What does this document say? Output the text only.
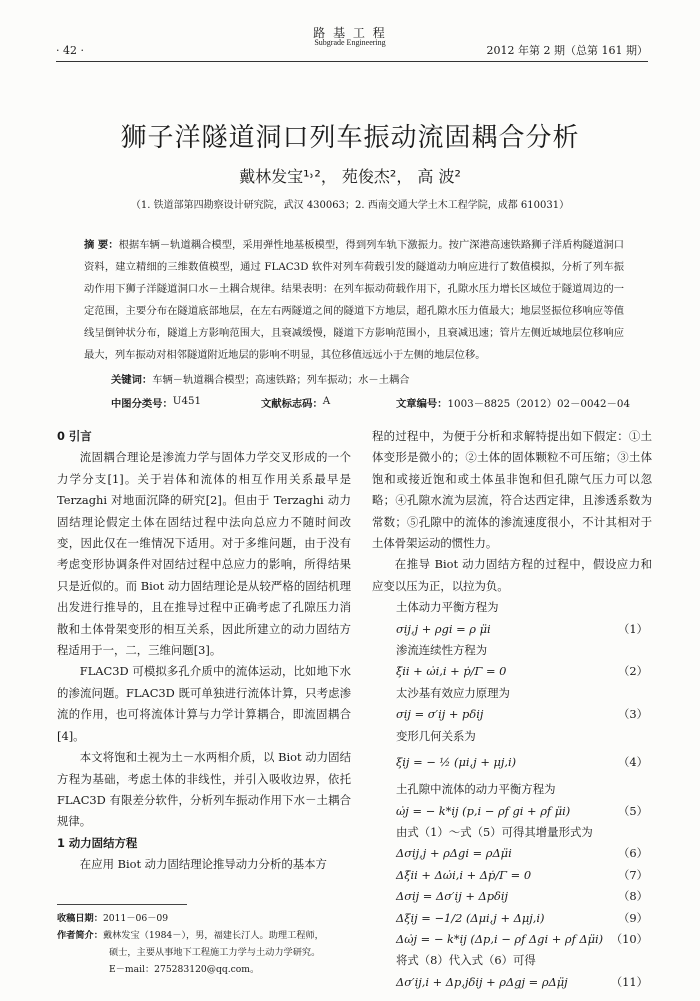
· 42 ·
路 基 工 程
Subgrade Engineering
2012 年第 2 期（总第 161 期）
狮子洋隧道洞口列车振动流固耦合分析
戴林发宝¹˒²， 苑俊杰²， 高 波²
（1. 铁道部第四勘察设计研究院，武汉 430063；2. 西南交通大学土木工程学院，成都 610031）
摘 要：根据车辆－轨道耦合模型，采用弹性地基板模型，得到列车轨下激振力。按广深港高速铁路狮子洋盾构隧道洞口资料，建立精细的三维数值模型，通过 FLAC3D 软件对列车荷载引发的隧道动力响应进行了数值模拟，分析了列车振动作用下狮子洋隧道洞口水－土耦合规律。结果表明：在列车振动荷载作用下，孔隙水压力增长区域位于隧道周边的一定范围，主要分布在隧道底部地层，在左右两隧道之间的隧道下方地层，超孔隙水压力值最大；地层竖振位移响应等值线呈倒钟状分布，隧道上方影响范围大，且衰减缓慢，隧道下方影响范围小，且衰减迅速；管片左侧近域地层位移响应最大，列车振动对相邻隧道附近地层的影响不明显，其位移值远远小于左侧的地层位移。
关键词：车辆－轨道耦合模型；高速铁路；列车振动；水－土耦合
中图分类号： U451	文献标志码： A	文章编号： 1003－8825（2012）02－0042－04

0 引言

流固耦合理论是渗流力学与固体力学交叉形成的一个力学分支[1]。关于岩体和流体的相互作用关系最早是 Terzaghi 对地面沉降的研究[2]。但由于 Terzaghi 动力固结理论假定土体在固结过程中法向总应力不随时间改变，因此仅在一维情况下适用。对于多维问题，由于没有考虑变形协调条件对固结过程中总应力的影响，所得结果只是近似的。而 Biot 动力固结理论是从较严格的固结机理出发进行推导的，且在推导过程中正确考虑了孔隙压力消散和土体骨架变形的相互关系，因此所建立的动力固结方程适用于一，二，三维问题[3]。

FLAC3D 可模拟多孔介质中的流体运动，比如地下水的渗流问题。FLAC3D 既可单独进行流体计算，只考虑渗流的作用，也可将流体计算与力学计算耦合，即流固耦合[4]。

本文将饱和土视为土－水两相介质，以 Biot 动力固结方程为基础，考虑土体的非线性，并引入吸收边界，依托 FLAC3D 有限差分软件，分析列车振动作用下水－土耦合规律。

1 动力固结方程

在应用 Biot 动力固结理论推导动力分析的基本方

程的过程中，为便于分析和求解特提出如下假定：①土体变形是微小的；②土体的固体颗粒不可压缩；③土体饱和或接近饱和或土体虽非饱和但孔隙气压力可以忽略；④孔隙水流为层流，符合达西定律，且渗透系数为常数；⑤孔隙中的流体的渗流速度很小，不计其相对于土体骨架运动的惯性力。

在推导 Biot 动力固结方程的过程中，假设应力和应变以压为正，以拉为负。

土体动力平衡方程为
σij,j + ρgi = ρ μ̈i	（1）
渗流连续性方程为
ξ̇ii + ω̇i,i + ṗ/Γ = 0	（2）
太沙基有效应力原理为
σij = σ′ij + pδij	（3）
变形几何关系为
ξij = − ½ (μi,j + μj,i)	（4）
土孔隙中流体的动力平衡方程为
ω̇j = − k*ij (p,i − ρf gi + ρf μ̈i)	（5）
由式（1）～式（5）可得其增量形式为
Δσij,j + ρΔgi = ρΔμ̈i	（6）
Δξ̇ii + Δω̇i,i + Δṗ/Γ = 0	（7）
Δσij = Δσ′ij + Δpδij	（8）
Δξij = −1/2 (Δμi,j + Δμj,i)	（9）
Δω̇j = − k*ij (Δp,i − ρf Δgi + ρf Δμ̈i) （10）
将式（8）代入式（6）可得
Δσ′ij,i + Δp,jδij + ρΔgj = ρΔμ̈j	（11）
收稿日期：2011－06－09
作者简介：戴林发宝（1984－），男，福建长汀人。助理工程师，
硕士，主要从事地下工程施工力学与土动力学研究。
E－mail：275283120@qq.com。
